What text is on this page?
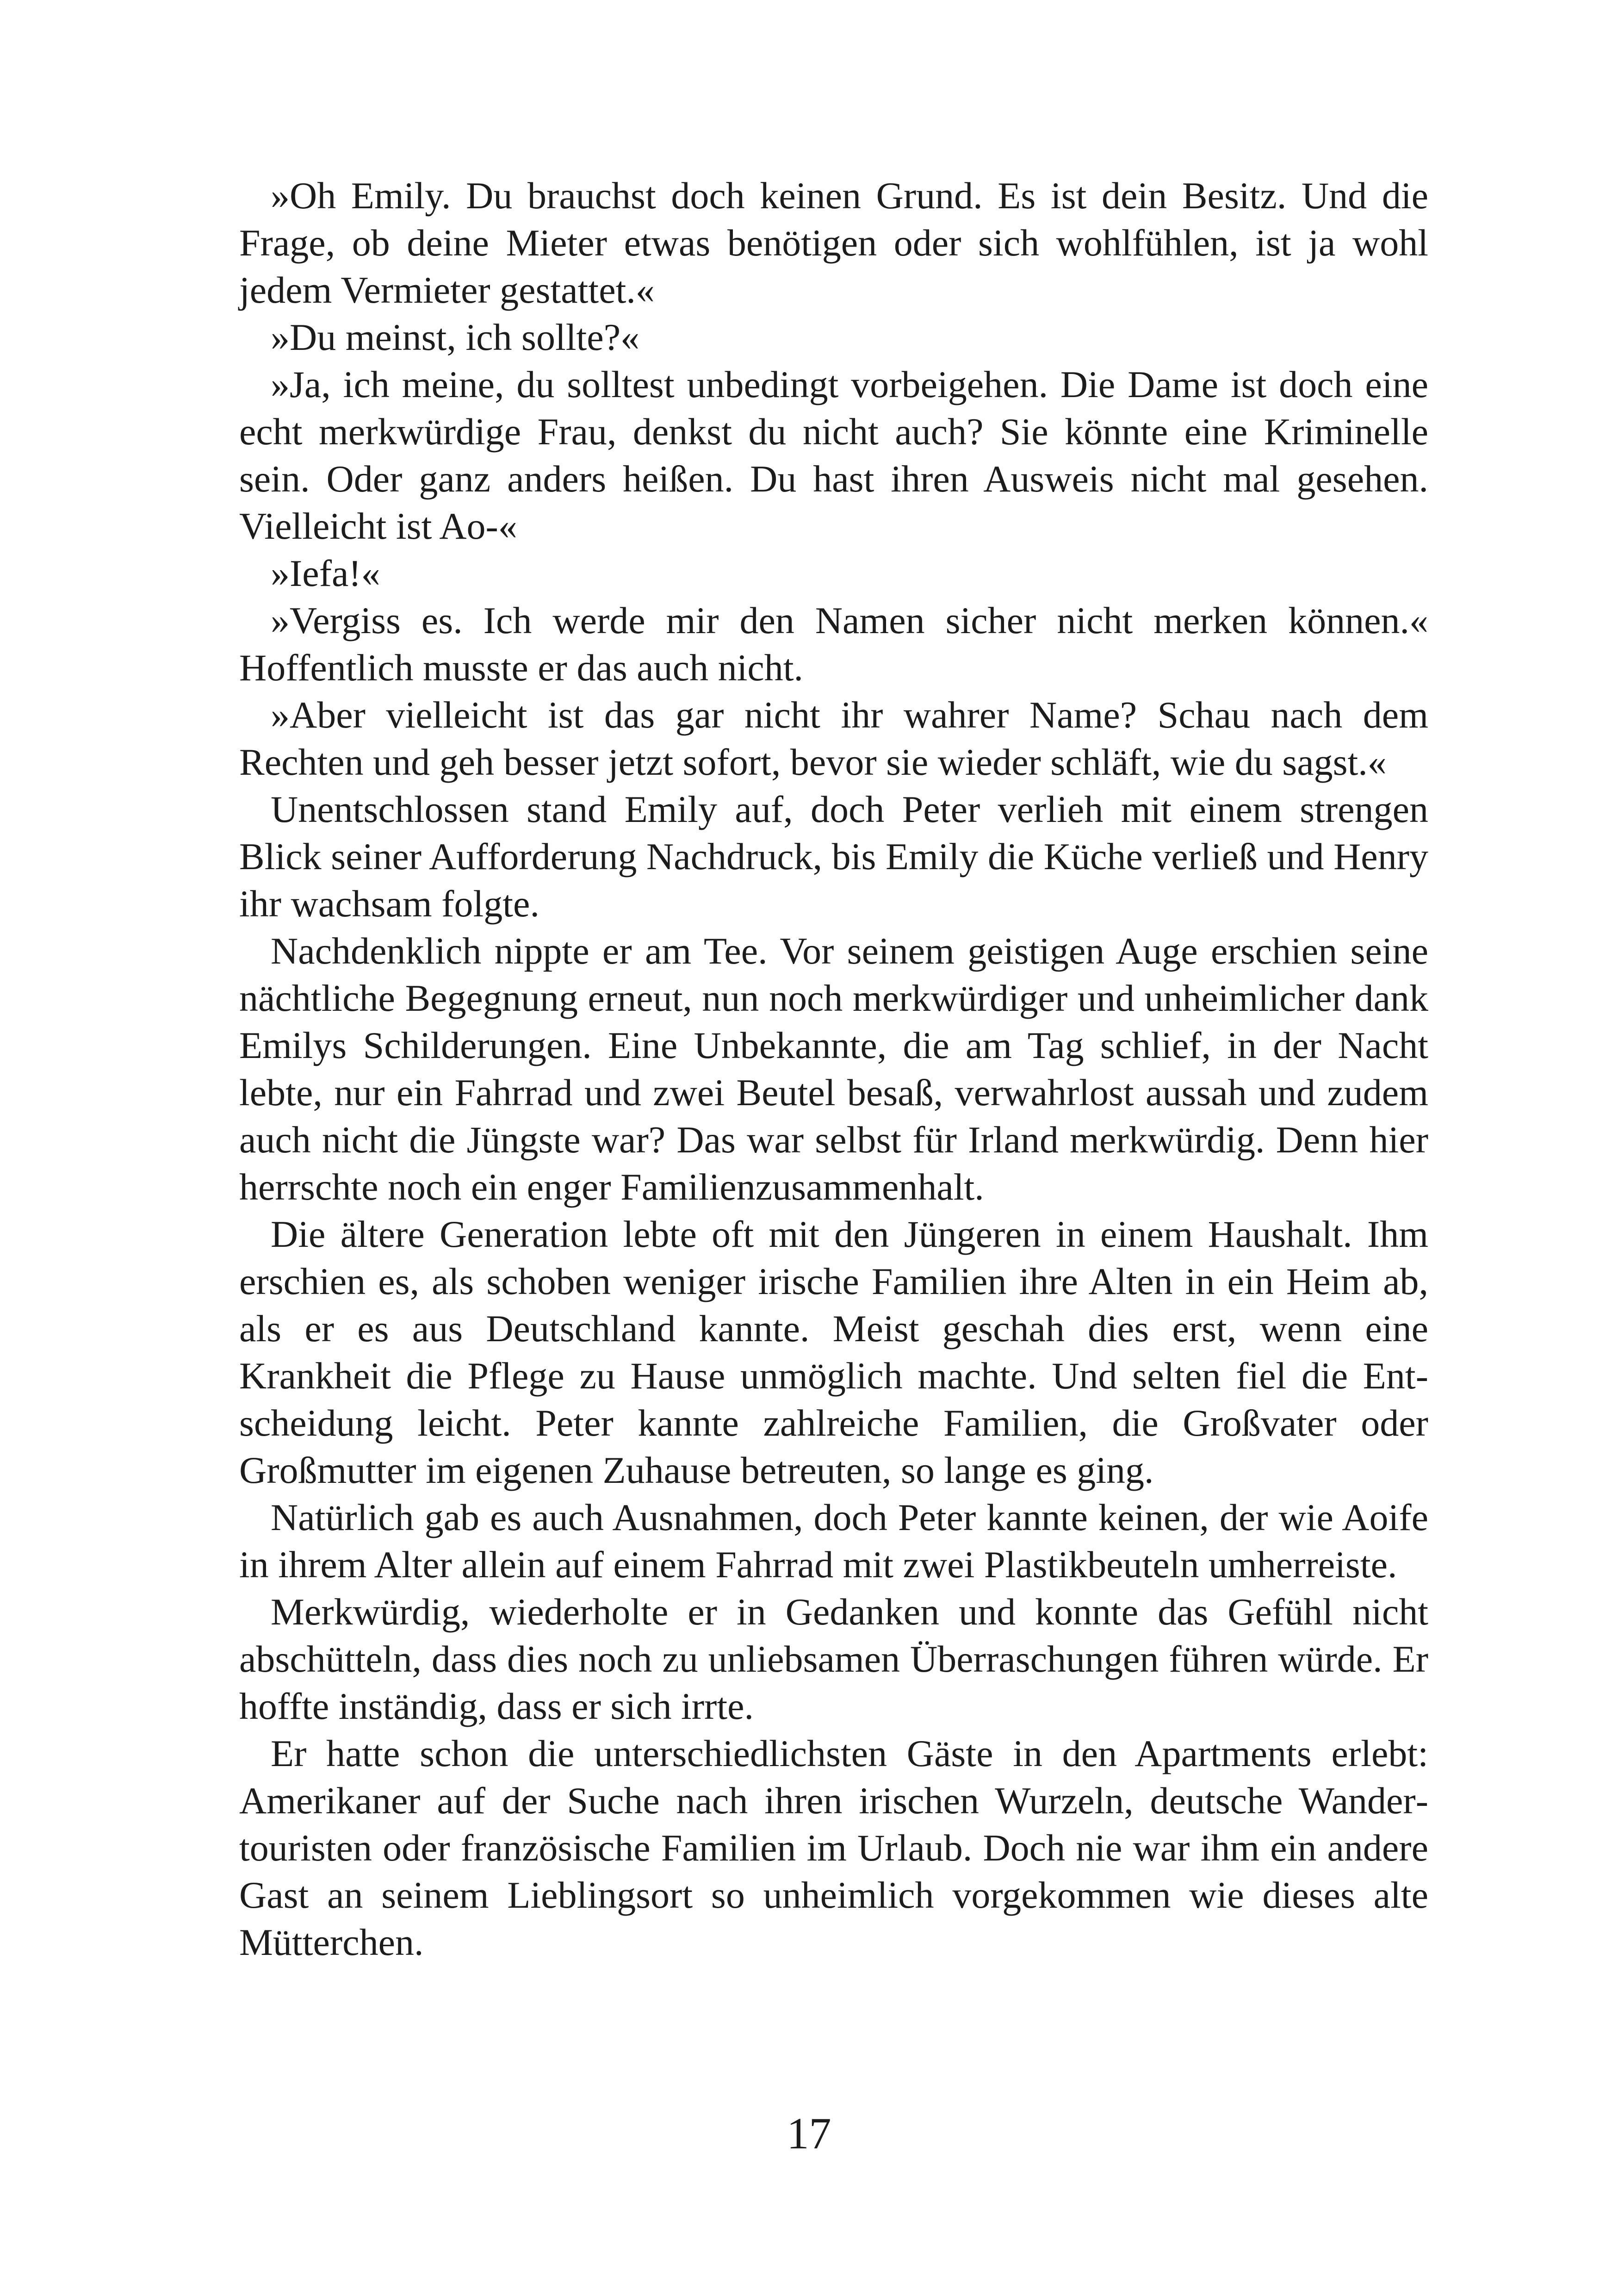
»Oh Emily. Du brauchst doch keinen Grund. Es ist dein Besitz. Und die Frage, ob deine Mieter etwas benötigen oder sich wohlfühlen, ist ja wohl jedem Vermieter gestattet.«

»Du meinst, ich sollte?«

»Ja, ich meine, du solltest unbedingt vorbeigehen. Die Dame ist doch eine echt merkwürdige Frau, denkst du nicht auch? Sie könnte eine Kriminelle sein. Oder ganz anders heißen. Du hast ihren Ausweis nicht mal gesehen. Vielleicht ist Ao-«

»Iefa!«

»Vergiss es. Ich werde mir den Namen sicher nicht merken können.« Hoffentlich musste er das auch nicht.

»Aber vielleicht ist das gar nicht ihr wahrer Name? Schau nach dem Rechten und geh besser jetzt sofort, bevor sie wieder schläft, wie du sagst.«

Unentschlossen stand Emily auf, doch Peter verlieh mit einem strengen Blick seiner Aufforderung Nachdruck, bis Emily die Küche verließ und Henry ihr wachsam folgte.

Nachdenklich nippte er am Tee. Vor seinem geistigen Auge erschien seine nächtliche Begegnung erneut, nun noch merkwürdiger und unheimlicher dank Emilys Schilderungen. Eine Unbekannte, die am Tag schlief, in der Nacht lebte, nur ein Fahrrad und zwei Beutel besaß, verwahrlost aussah und zudem auch nicht die Jüngste war? Das war selbst für Irland merkwürdig. Denn hier herrschte noch ein enger Familienzusammenhalt.

Die ältere Generation lebte oft mit den Jüngeren in einem Haushalt. Ihm erschien es, als schoben weniger irische Familien ihre Alten in ein Heim ab, als er es aus Deutschland kannte. Meist geschah dies erst, wenn eine Krankheit die Pflege zu Hause unmöglich machte. Und selten fiel die Entscheidung leicht. Peter kannte zahlreiche Familien, die Großvater oder Großmutter im eigenen Zuhause betreuten, so lange es ging.

Natürlich gab es auch Ausnahmen, doch Peter kannte keinen, der wie Aoife in ihrem Alter allein auf einem Fahrrad mit zwei Plastikbeuteln umherreiste.

Merkwürdig, wiederholte er in Gedanken und konnte das Gefühl nicht abschütteln, dass dies noch zu unliebsamen Überraschungen führen würde. Er hoffte inständig, dass er sich irrte.

Er hatte schon die unterschiedlichsten Gäste in den Apartments erlebt: Amerikaner auf der Suche nach ihren irischen Wurzeln, deutsche Wandertouristen oder französische Familien im Urlaub. Doch nie war ihm ein andere Gast an seinem Lieblingsort so unheimlich vorgekommen wie dieses alte Mütterchen.

17
